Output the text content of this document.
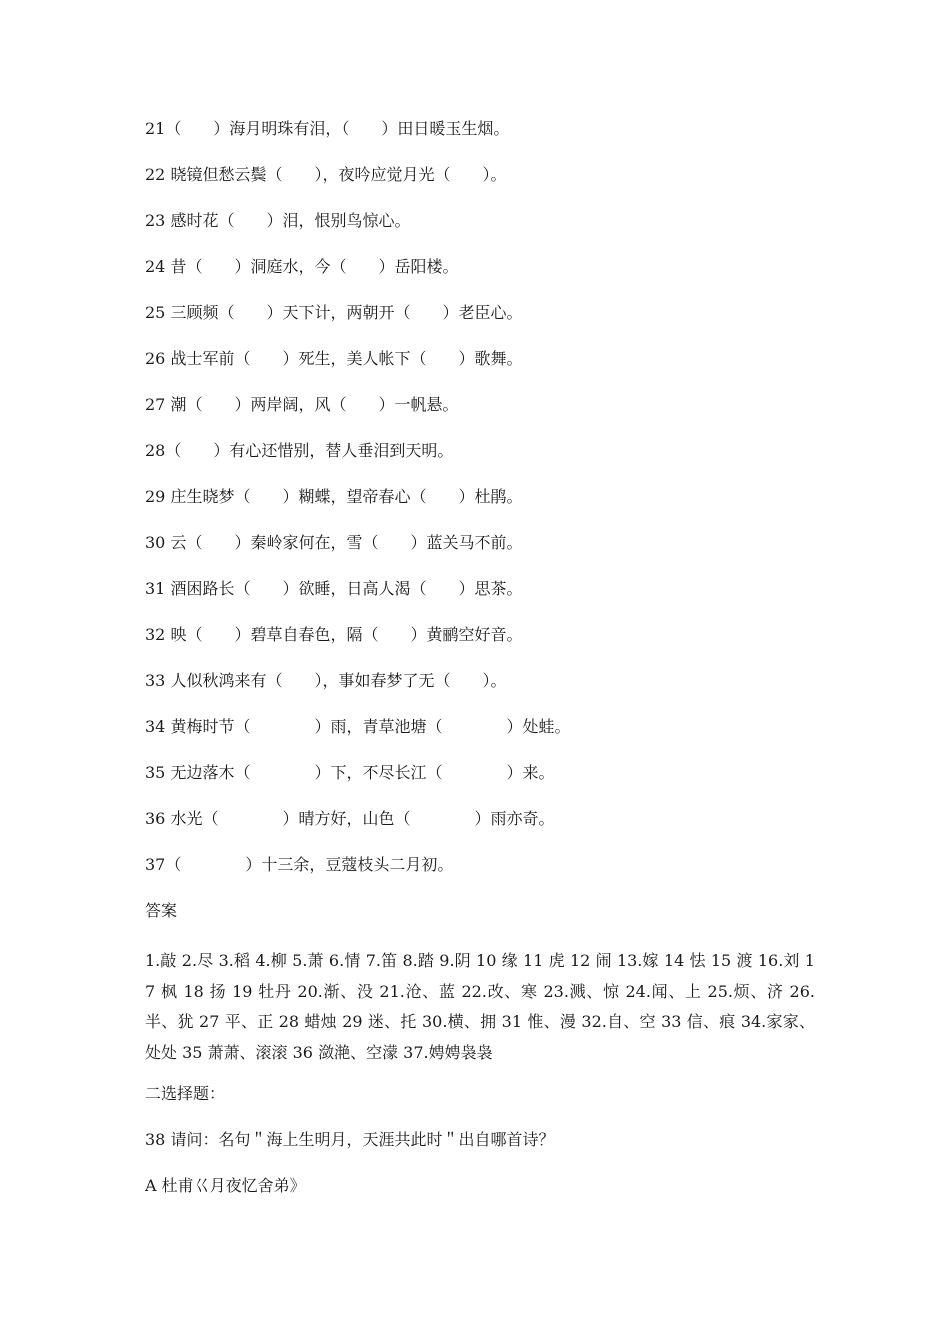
21（　　）海月明珠有泪，（　　）田日暖玉生烟。
22 晓镜但愁云鬓（　　），夜吟应觉月光（　　）。
23 感时花（　　）泪，恨别鸟惊心。
24 昔（　　）洞庭水，今（　　）岳阳楼。
25 三顾频（　　）天下计，两朝开（　　）老臣心。
26 战士军前（　　）死生，美人帐下（　　）歌舞。
27 潮（　　）两岸阔，风（　　）一帆悬。
28（　　）有心还惜别，替人垂泪到天明。
29 庄生晓梦（　　）糊蝶，望帝春心（　　）杜鹃。
30 云（　　）秦岭家何在，雪（　　）蓝关马不前。
31 酒困路长（　　）欲睡，日高人渴（　　）思茶。
32 映（　　）碧草自春色，隔（　　）黄鹂空好音。
33 人似秋鸿来有（　　），事如春梦了无（　　）。
34 黄梅时节（　　　　）雨，青草池塘（　　　　）处蛙。
35 无边落木（　　　　）下，不尽长江（　　　　）来。
36 水光（　　　　）晴方好，山色（　　　　）雨亦奇。
37（　　　　）十三余，豆蔻枝头二月初。
答案
1.敲 2.尽 3.稻 4.柳 5.萧 6.情 7.笛 8.踏 9.阴 10 缘 11 虎 12 闹 13.嫁 14 怯 15 渡 16.刘 17 枫 18 扬 19 牡丹 20.渐、没 21.沧、蓝 22.改、寒 23.溅、惊 24.闻、上 25.烦、济 26.半、犹 27 平、正 28 蜡烛 29 迷、托 30.横、拥 31 惟、漫 32.自、空 33 信、痕 34.家家、处处 35 萧萧、滚滚 36 潋滟、空濛 37.娉娉袅袅
二选择题：
38 请问：名句＂海上生明月，天涯共此时＂出自哪首诗？
A 杜甫巜月夜忆舍弟》
